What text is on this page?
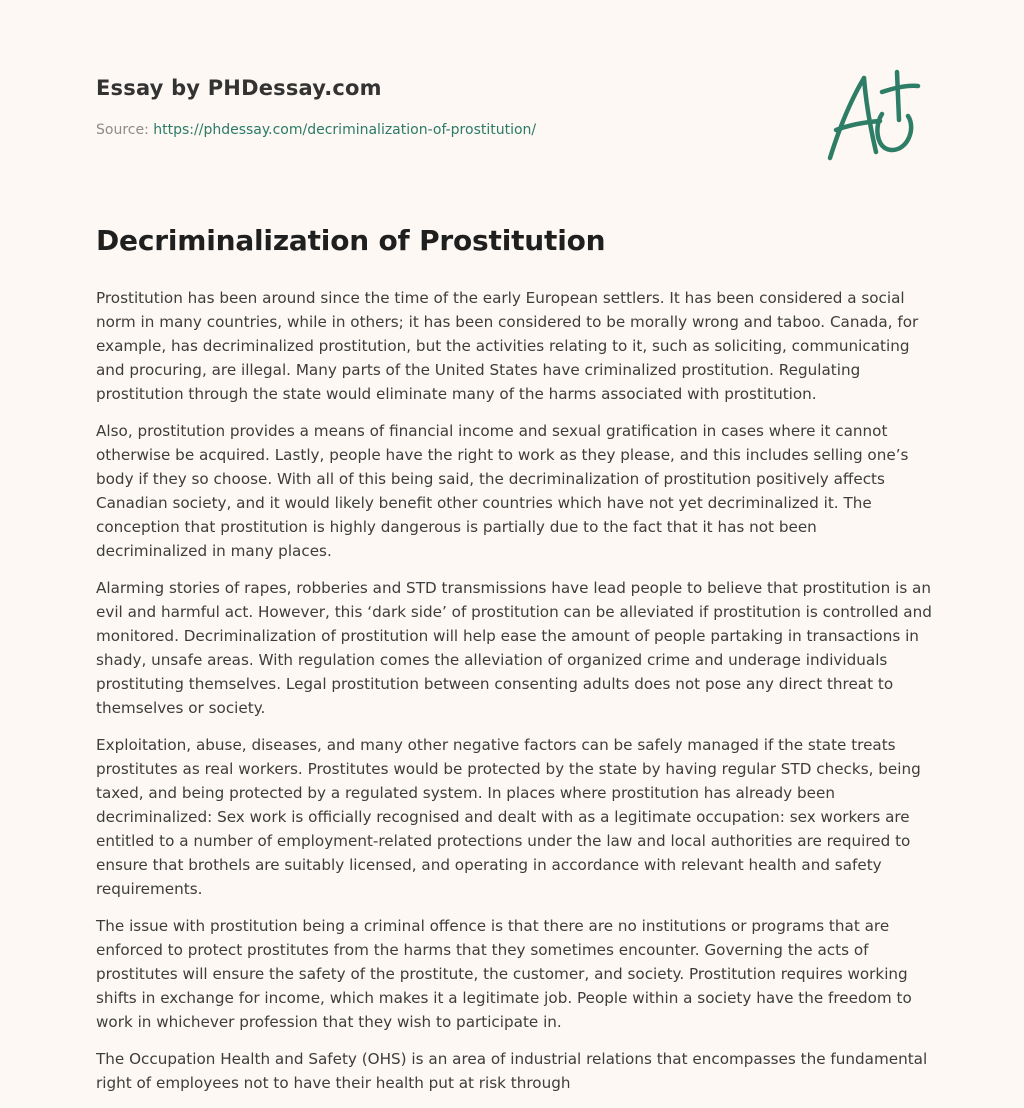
Essay by PHDessay.com
Source: https://phdessay.com/decriminalization-of-prostitution/
Decriminalization of Prostitution

Prostitution has been around since the time of the early European settlers. It has been considered a social norm in many countries, while in others; it has been considered to be morally wrong and taboo. Canada, for example, has decriminalized prostitution, but the activities relating to it, such as soliciting, communicating and procuring, are illegal. Many parts of the United States have criminalized prostitution. Regulating prostitution through the state would eliminate many of the harms associated with prostitution.

Also, prostitution provides a means of financial income and sexual gratification in cases where it cannot otherwise be acquired. Lastly, people have the right to work as they please, and this includes selling one’s body if they so choose. With all of this being said, the decriminalization of prostitution positively affects Canadian society, and it would likely benefit other countries which have not yet decriminalized it. The conception that prostitution is highly dangerous is partially due to the fact that it has not been decriminalized in many places.

Alarming stories of rapes, robberies and STD transmissions have lead people to believe that prostitution is an evil and harmful act. However, this ‘dark side’ of prostitution can be alleviated if prostitution is controlled and monitored. Decriminalization of prostitution will help ease the amount of people partaking in transactions in shady, unsafe areas. With regulation comes the alleviation of organized crime and underage individuals prostituting themselves. Legal prostitution between consenting adults does not pose any direct threat to themselves or society.

Exploitation, abuse, diseases, and many other negative factors can be safely managed if the state treats prostitutes as real workers. Prostitutes would be protected by the state by having regular STD checks, being taxed, and being protected by a regulated system. In places where prostitution has already been decriminalized: Sex work is officially recognised and dealt with as a legitimate occupation: sex workers are entitled to a number of employment-related protections under the law and local authorities are required to ensure that brothels are suitably licensed, and operating in accordance with relevant health and safety requirements.

The issue with prostitution being a criminal offence is that there are no institutions or programs that are enforced to protect prostitutes from the harms that they sometimes encounter. Governing the acts of prostitutes will ensure the safety of the prostitute, the customer, and society. Prostitution requires working shifts in exchange for income, which makes it a legitimate job. People within a society have the freedom to work in whichever profession that they wish to participate in.

The Occupation Health and Safety (OHS) is an area of industrial relations that encompasses the fundamental right of employees not to have their health put at risk through
